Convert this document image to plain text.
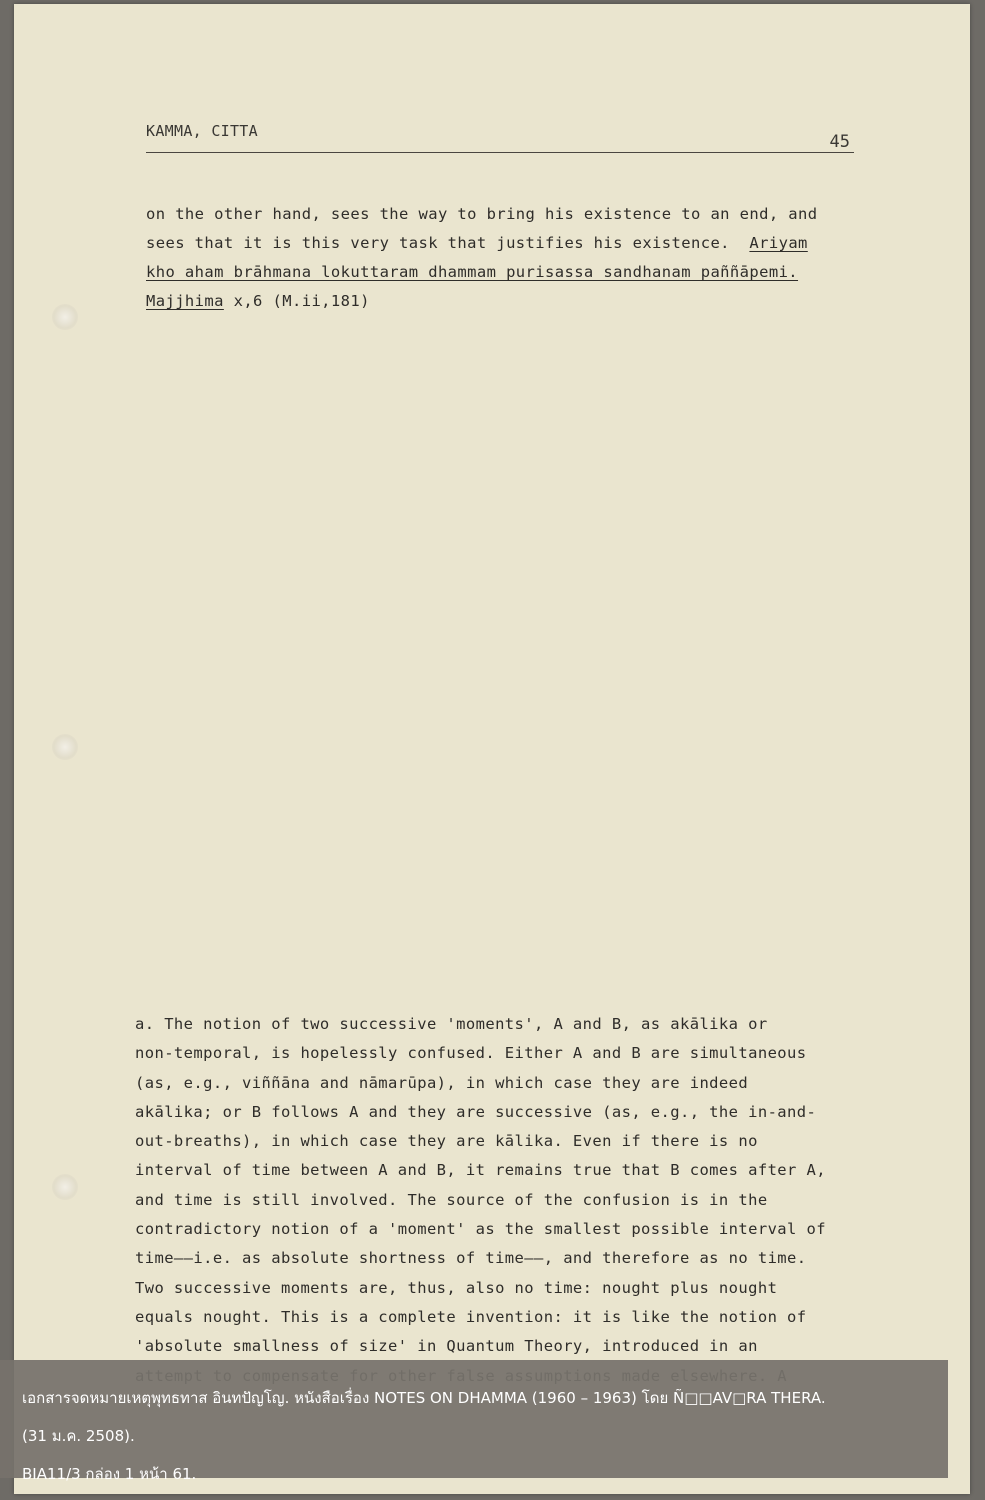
KAMMA, CITTA
45
on the other hand, sees the way to bring his existence to an end, and
sees that it is this very task that justifies his existence. Ariyam
kho aham brāhmana lokuttaram dhammam purisassa sandhanam paññāpemi.
Majjhima x,6 (M.ii,181)
a. The notion of two successive 'moments', A and B, as akālika or
non-temporal, is hopelessly confused. Either A and B are simultaneous
(as, e.g., viññāna and nāmarūpa), in which case they are indeed
akālika; or B follows A and they are successive (as, e.g., the in-and-
out-breaths), in which case they are kālika. Even if there is no
interval of time between A and B, it remains true that B comes after A,
and time is still involved. The source of the confusion is in the
contradictory notion of a 'moment' as the smallest possible interval of
time——i.e. as absolute shortness of time——, and therefore as no time.
Two successive moments are, thus, also no time: nought plus nought
equals nought. This is a complete invention: it is like the notion of
'absolute smallness of size' in Quantum Theory, introduced in an
เอกสารจดหมายเหตุพุทธทาส อินทปัญโญ. หนังสือเรื่อง NOTES ON DHAMMA (1960 – 1963) โดย Ñ□□AV□RA THERA.
(31 ม.ค. 2508).
BIA11/3 กล่อง 1 หน้า 61.
